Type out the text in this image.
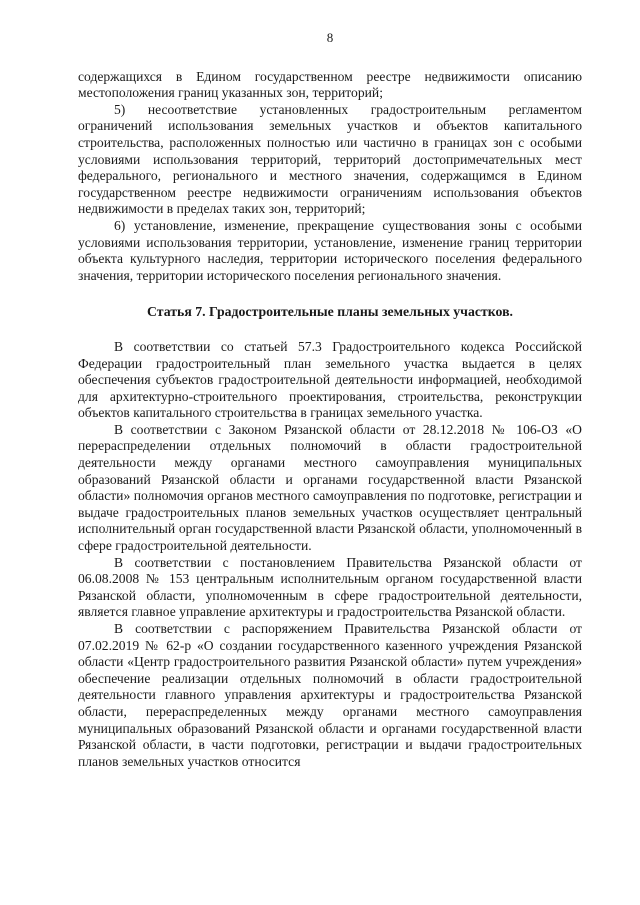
8

содержащихся в Едином государственном реестре недвижимости описанию местоположения границ указанных зон, территорий;

5) несоответствие установленных градостроительным регламентом ограничений использования земельных участков и объектов капитального строительства, расположенных полностью или частично в границах зон с особыми условиями использования территорий, территорий достопримечательных мест федерального, регионального и местного значения, содержащимся в Едином государственном реестре недвижимости ограничениям использования объектов недвижимости в пределах таких зон, территорий;

6) установление, изменение, прекращение существования зоны с особыми условиями использования территории, установление, изменение границ территории объекта культурного наследия, территории исторического поселения федерального значения, территории исторического поселения регионального значения.

Статья 7. Градостроительные планы земельных участков.

В соответствии со статьей 57.3 Градостроительного кодекса Российской Федерации градостроительный план земельного участка выдается в целях обеспечения субъектов градостроительной деятельности информацией, необходимой для архитектурно-строительного проектирования, строительства, реконструкции объектов капитального строительства в границах земельного участка.

В соответствии с Законом Рязанской области от 28.12.2018 № 106-ОЗ «О перераспределении отдельных полномочий в области градостроительной деятельности между органами местного самоуправления муниципальных образований Рязанской области и органами государственной власти Рязанской области» полномочия органов местного самоуправления по подготовке, регистрации и выдаче градостроительных планов земельных участков осуществляет центральный исполнительный орган государственной власти Рязанской области, уполномоченный в сфере градостроительной деятельности.

В соответствии с постановлением Правительства Рязанской области от 06.08.2008 № 153 центральным исполнительным органом государственной власти Рязанской области, уполномоченным в сфере градостроительной деятельности, является главное управление архитектуры и градостроительства Рязанской области.

В соответствии с распоряжением Правительства Рязанской области от 07.02.2019 № 62-р «О создании государственного казенного учреждения Рязанской области «Центр градостроительного развития Рязанской области» путем учреждения» обеспечение реализации отдельных полномочий в области градостроительной деятельности главного управления архитектуры и градостроительства Рязанской области, перераспределенных между органами местного самоуправления муниципальных образований Рязанской области и органами государственной власти Рязанской области, в части подготовки, регистрации и выдачи градостроительных планов земельных участков относится
